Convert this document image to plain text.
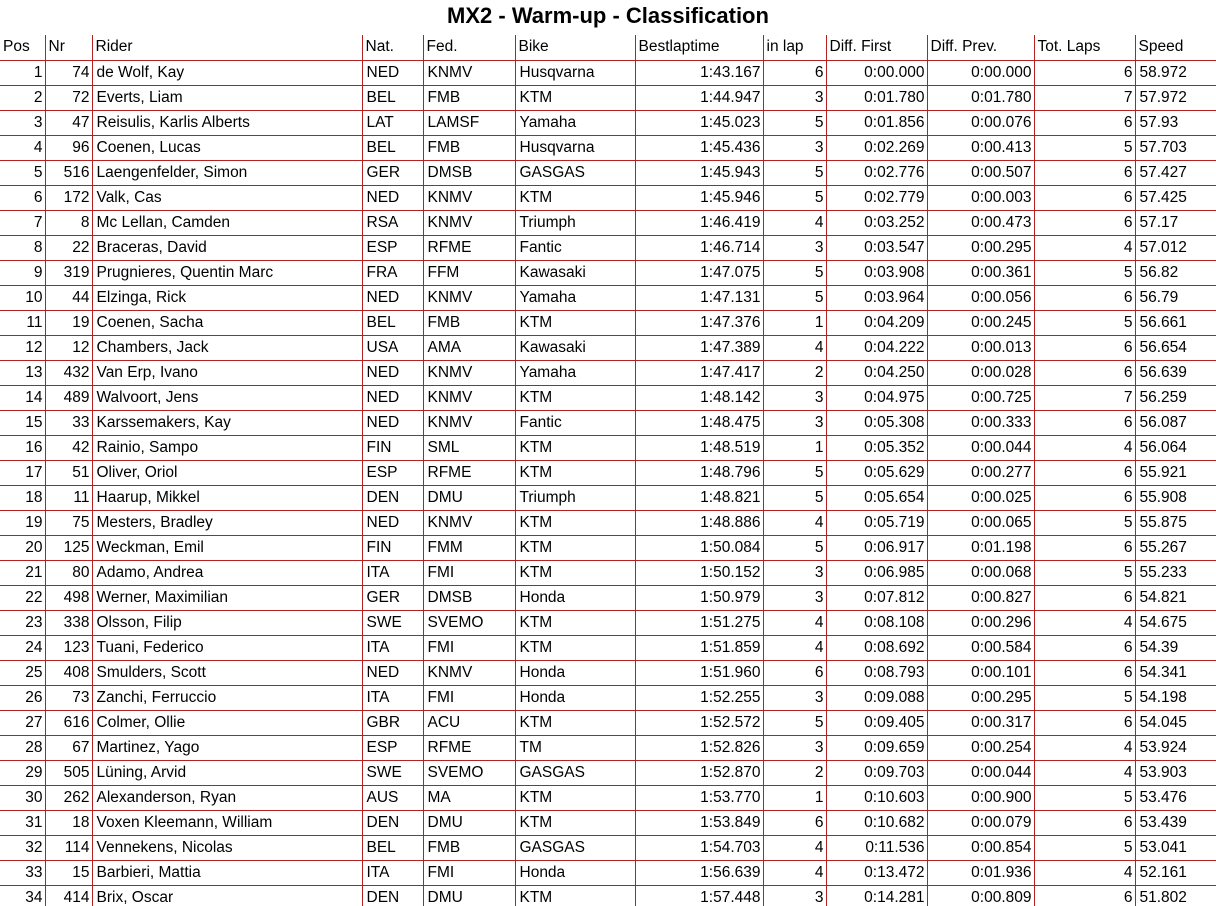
MX2 - Warm-up - Classification
Pos	Nr	Rider	Nat.	Fed.	Bike	Bestlaptime	in lap	Diff. First	Diff. Prev.	Tot. Laps	Speed
1	74	de Wolf, Kay	NED	KNMV	Husqvarna	1:43.167	6	0:00.000	0:00.000	6	58.972
2	72	Everts, Liam	BEL	FMB	KTM	1:44.947	3	0:01.780	0:01.780	7	57.972
3	47	Reisulis, Karlis Alberts	LAT	LAMSF	Yamaha	1:45.023	5	0:01.856	0:00.076	6	57.93
4	96	Coenen, Lucas	BEL	FMB	Husqvarna	1:45.436	3	0:02.269	0:00.413	5	57.703
5	516	Laengenfelder, Simon	GER	DMSB	GASGAS	1:45.943	5	0:02.776	0:00.507	6	57.427
6	172	Valk, Cas	NED	KNMV	KTM	1:45.946	5	0:02.779	0:00.003	6	57.425
7	8	Mc Lellan, Camden	RSA	KNMV	Triumph	1:46.419	4	0:03.252	0:00.473	6	57.17
8	22	Braceras, David	ESP	RFME	Fantic	1:46.714	3	0:03.547	0:00.295	4	57.012
9	319	Prugnieres, Quentin Marc	FRA	FFM	Kawasaki	1:47.075	5	0:03.908	0:00.361	5	56.82
10	44	Elzinga, Rick	NED	KNMV	Yamaha	1:47.131	5	0:03.964	0:00.056	6	56.79
11	19	Coenen, Sacha	BEL	FMB	KTM	1:47.376	1	0:04.209	0:00.245	5	56.661
12	12	Chambers, Jack	USA	AMA	Kawasaki	1:47.389	4	0:04.222	0:00.013	6	56.654
13	432	Van Erp, Ivano	NED	KNMV	Yamaha	1:47.417	2	0:04.250	0:00.028	6	56.639
14	489	Walvoort, Jens	NED	KNMV	KTM	1:48.142	3	0:04.975	0:00.725	7	56.259
15	33	Karssemakers, Kay	NED	KNMV	Fantic	1:48.475	3	0:05.308	0:00.333	6	56.087
16	42	Rainio, Sampo	FIN	SML	KTM	1:48.519	1	0:05.352	0:00.044	4	56.064
17	51	Oliver, Oriol	ESP	RFME	KTM	1:48.796	5	0:05.629	0:00.277	6	55.921
18	11	Haarup, Mikkel	DEN	DMU	Triumph	1:48.821	5	0:05.654	0:00.025	6	55.908
19	75	Mesters, Bradley	NED	KNMV	KTM	1:48.886	4	0:05.719	0:00.065	5	55.875
20	125	Weckman, Emil	FIN	FMM	KTM	1:50.084	5	0:06.917	0:01.198	6	55.267
21	80	Adamo, Andrea	ITA	FMI	KTM	1:50.152	3	0:06.985	0:00.068	5	55.233
22	498	Werner, Maximilian	GER	DMSB	Honda	1:50.979	3	0:07.812	0:00.827	6	54.821
23	338	Olsson, Filip	SWE	SVEMO	KTM	1:51.275	4	0:08.108	0:00.296	4	54.675
24	123	Tuani, Federico	ITA	FMI	KTM	1:51.859	4	0:08.692	0:00.584	6	54.39
25	408	Smulders, Scott	NED	KNMV	Honda	1:51.960	6	0:08.793	0:00.101	6	54.341
26	73	Zanchi, Ferruccio	ITA	FMI	Honda	1:52.255	3	0:09.088	0:00.295	5	54.198
27	616	Colmer, Ollie	GBR	ACU	KTM	1:52.572	5	0:09.405	0:00.317	6	54.045
28	67	Martinez, Yago	ESP	RFME	TM	1:52.826	3	0:09.659	0:00.254	4	53.924
29	505	Lüning, Arvid	SWE	SVEMO	GASGAS	1:52.870	2	0:09.703	0:00.044	4	53.903
30	262	Alexanderson, Ryan	AUS	MA	KTM	1:53.770	1	0:10.603	0:00.900	5	53.476
31	18	Voxen Kleemann, William	DEN	DMU	KTM	1:53.849	6	0:10.682	0:00.079	6	53.439
32	114	Vennekens, Nicolas	BEL	FMB	GASGAS	1:54.703	4	0:11.536	0:00.854	5	53.041
33	15	Barbieri, Mattia	ITA	FMI	Honda	1:56.639	4	0:13.472	0:01.936	4	52.161
34	414	Brix, Oscar	DEN	DMU	KTM	1:57.448	3	0:14.281	0:00.809	6	51.802
